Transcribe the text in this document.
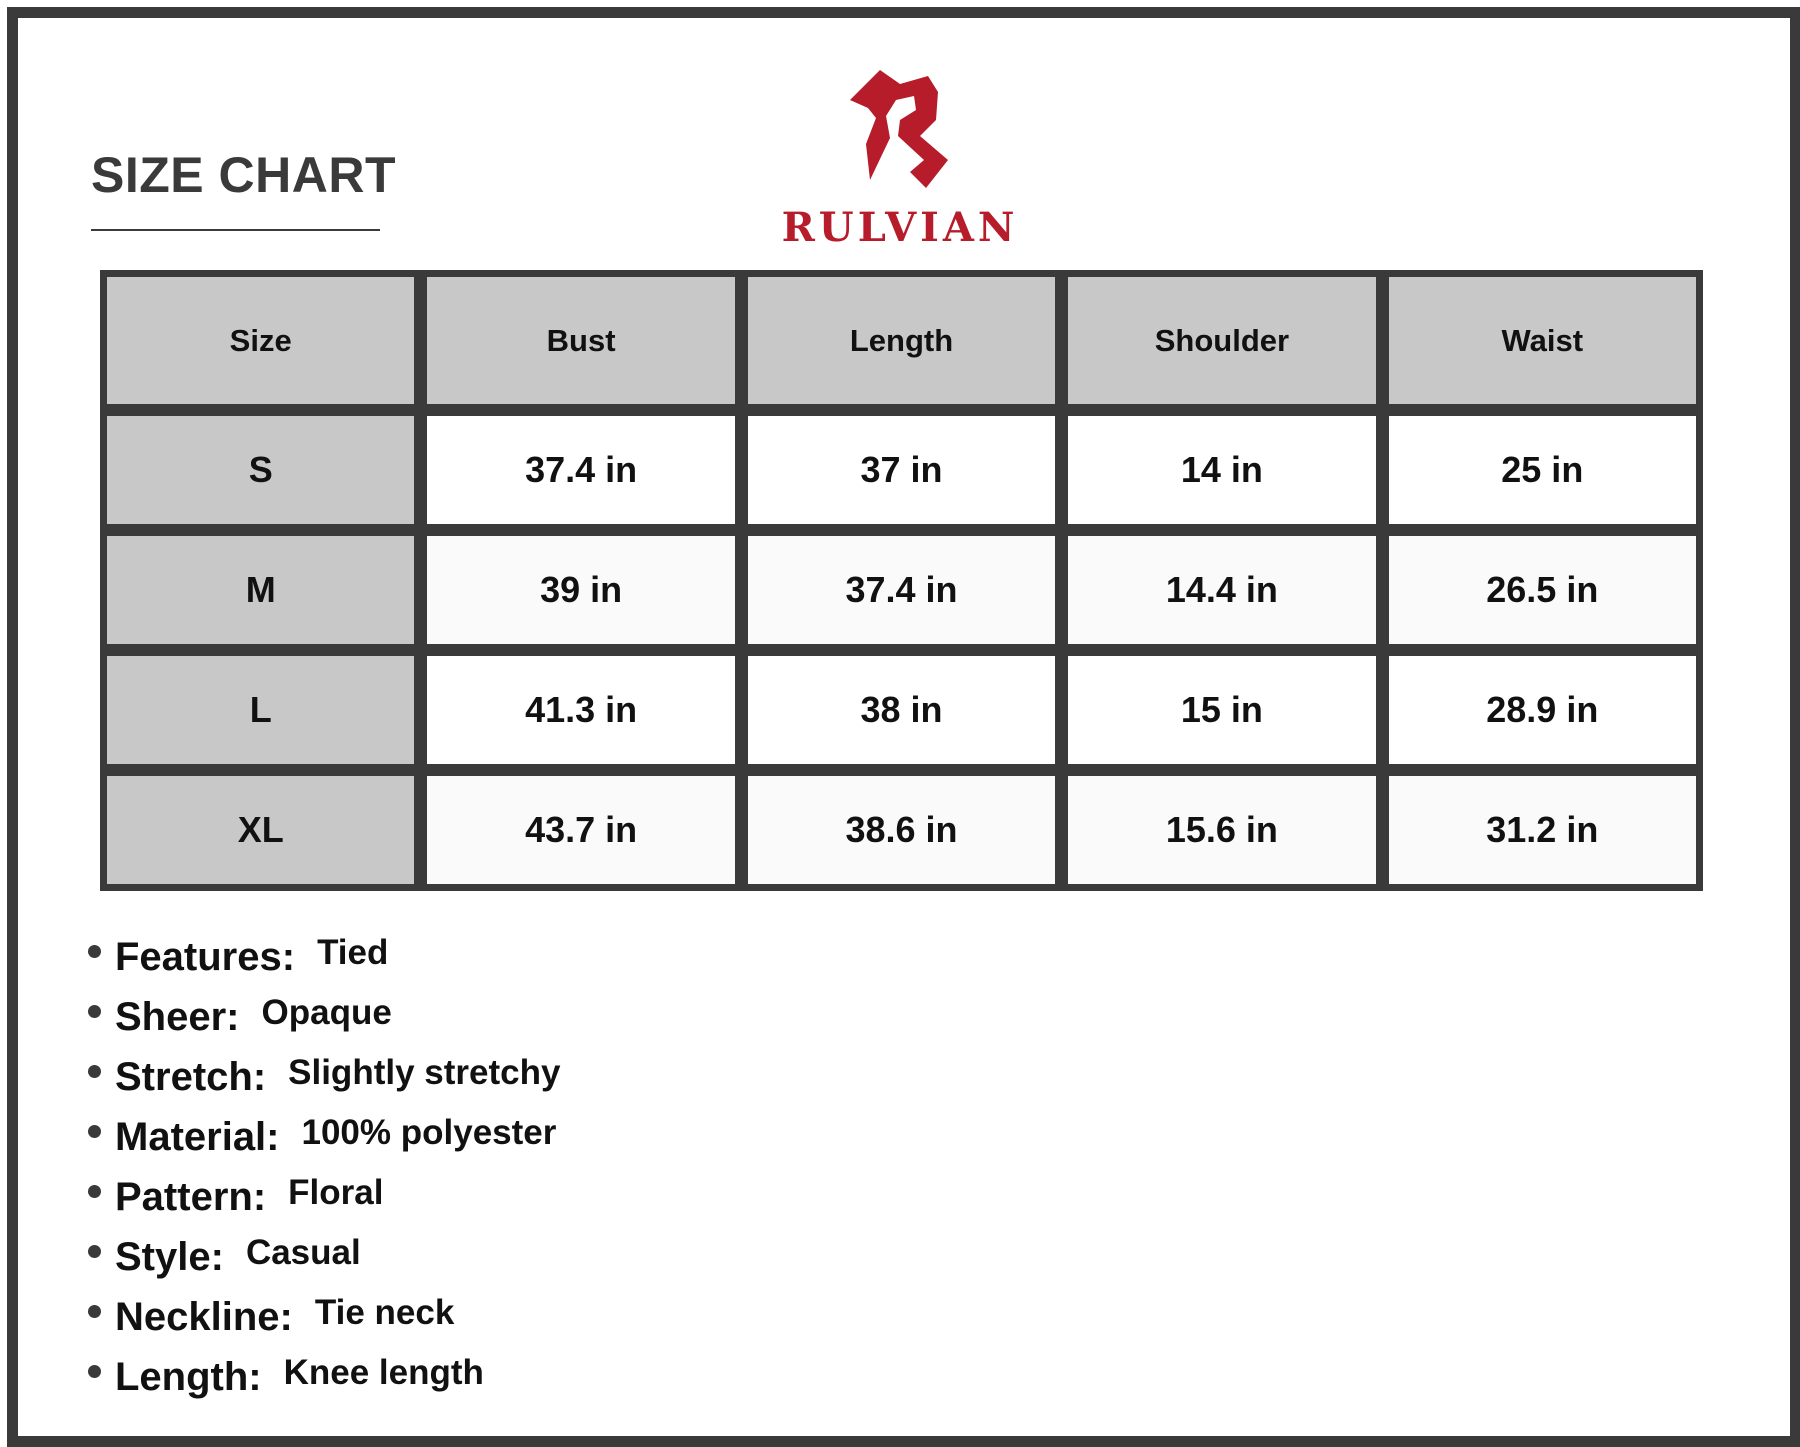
SIZE CHART
RULVIAN
Size	Bust	Length	Shoulder	Waist
S	37.4 in	37 in	14 in	25 in
M	39 in	37.4 in	14.4 in	26.5 in
L	41.3 in	38 in	15 in	28.9 in
XL	43.7 in	38.6 in	15.6 in	31.2 in
Features: Tied
Sheer: Opaque
Stretch: Slightly stretchy
Material: 100% polyester
Pattern: Floral
Style: Casual
Neckline: Tie neck
Length: Knee length
